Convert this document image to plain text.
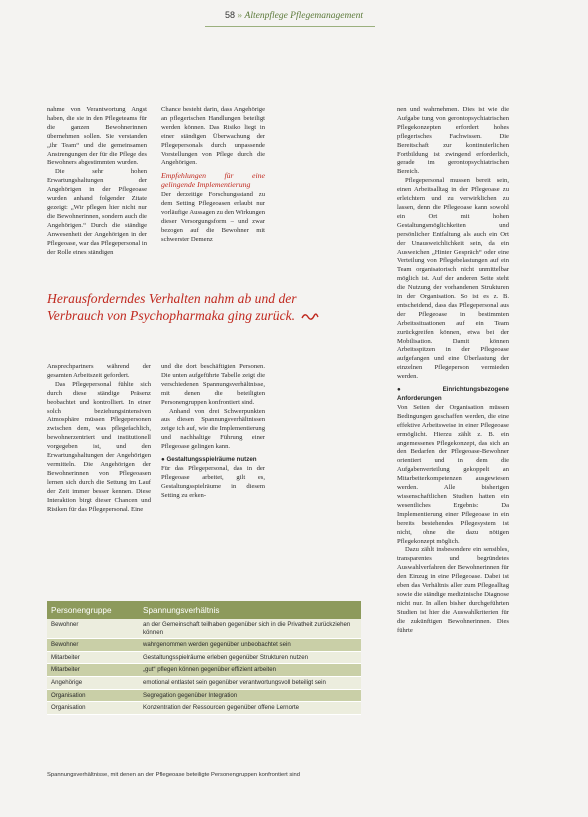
58 » Altenpflege Pflegemanagement

nahme von Verantwortung Angst haben, die sie in den Pflegeteams für die ganzen Bewohnerinnen übernehmen sollen. Sie verstanden „ihr Team“ und die gemeinsamen Anstrengungen der für die Pflege des Bewohners abgestimmten wurden.

Die sehr hohen Erwartungshaltungen der Angehörigen in der Pflegeoase wurden anhand folgender Zitate gezeigt: „Wir pflegen hier nicht nur die Bewohnerinnen, sondern auch die Angehörigen.“ Durch die ständige Anwesenheit der Angehörigen in der Pflegeoase, war das Pflegepersonal in der Rolle eines ständigen

Chance besteht darin, dass Angehörige an pflegerischen Handlungen beteiligt werden können. Das Risiko liegt in einer ständigen Überwachung der Pflegepersonals durch unpassende Vorstellungen von Pflege durch die Angehörigen.

Empfehlungen für eine gelingende Implementierung

Der derzeitige Forschungsstand zu dem Setting Pflegeoasen erlaubt nur vorläufige Aussagen zu den Wirkungen dieser Versorgungsform – und zwar bezogen auf die Bewohner mit schwerster Demenz

nen und wahrnehmen. Dies ist wie die Aufgabe tung von gerontopsychiatrischen Pflegekonzepten erfordert hohes pflegerisches Fachwissen. Die Bereitschaft zur kontinuierlichen Fortbildung ist zwingend erforderlich, gerade im gerontopsychiatrischen Bereich.

Pflegepersonal mussen bereit sein, einen Arbeitsalltag in der Pflegeoase zu erleichtern und zu verwirklichen zu lassen, denn die Pflegeoase kann sowohl ein Ort mit hohen Gestaltungsmöglichkeiten und persönlicher Entfaltung als auch ein Ort der Unausweichlichkeit sein, da ein Ausweichen „Hinter Gespräch“ oder eine Verteilung von Pflegebelastungen auf ein Team organisatorisch nicht unmittelbar möglich ist. Auf der anderen Seite steht die Nutzung der vorhandenen Strukturen in der Organisation. So ist es z. B. entscheidend, dass das Pflegepersonal aus der Pflegeoase in bestimmten Arbeitssituationen auf ein Team zurückgreifen können, etwa bei der Mobilisation. Damit können Arbeitsspitzen in der Pflegeoase aufgefangen und eine Überlastung der einzelnen Pflegeperson vermieden werden.

● Einrichtungsbezogene Anforderungen

Von Seiten der Organisation müssen Bedingungen geschaffen werden, die eine effektive Arbeitsweise in einer Pflegeoase ermöglicht. Hierzu zählt z. B. ein angemessenes Pflegekonzept, das sich an den Bedarfen der Pflegeoase-Bewohner orientiert und in dem die Aufgabenverteilung gekoppelt an Mitarbeiterkompetenzen ausgewiesen werden. Alle bisherigen wissenschaftlichen Studien hatten ein wesentliches Ergebnis: Da Implementierung einer Pflegeoase in ein bereits bestehendes Pflegesystem ist nicht, ohne die dazu nötigen Pflegekonzept möglich.

Dazu zählt insbesondere ein sensibles, transparentes und begründetes Auswahlverfahren der Bewohnerinnen für den Einzug in eine Pflegeoase. Dabei ist eben das Verhältnis aller zum Pflegealltag sowie die ständige medizinische Diagnose nicht nur. In allen bisher durchgeführten Studien ist hier die Auswahlkriterien für die zukünftigen Bewohnerinnen. Dies führte

Herausforderndes Verhalten nahm ab und der
Verbrauch von Psychopharmaka ging zurück.

Ansprechpartners während der gesamten Arbeitszeit gefordert.

Das Pflegepersonal fühlte sich durch diese ständige Präsenz beobachtet und kontrolliert. In einer solch beziehungsintensiven Atmosphäre müssen Pflegepersonen zwischen dem, was pflegefachlich, bewohnerzentriert und institutionell vorgegeben ist, und den Erwartungshaltungen der Angehörigen vermitteln. Die Angehörigen der Bewohnerinnen von Pflegeoasen lernen sich durch die Settung im Lauf der Zeit immer besser kennen. Diese Interaktion birgt dieser Chancen und Risiken für das Pflegepersonal. Eine

und die dort beschäftigten Personen. Die unten aufgeführte Tabelle zeigt die verschiedenen Spannungsverhältnisse, mit denen die beteiligten Personengruppen konfrontiert sind.

Anhand von drei Schwerpunkten aus diesen Spannungsverhältnissen zeige ich auf, wie die Implementierung und nachhaltige Führung einer Pflegeoase gelingen kann.

● Gestaltungsspielräume nutzen

Für das Pflegepersonal, das in der Pflegeoase arbeitet, gilt es, Gestaltungsspielräume in diesem Setting zu erken-

Personengruppe	Spannungsverhältnis
Bewohner	an der Gemeinschaft teilhaben gegenüber sich in die Privatheit zurückziehen können
Bewohner	wahrgenommen werden gegenüber unbeobachtet sein
Mitarbeiter	Gestaltungsspielräume erleben gegenüber Strukturen nutzen
Mitarbeiter	„gut“ pflegen können gegenüber effizient arbeiten
Angehörige	emotional entlastet sein gegenüber verantwortungsvoll beteiligt sein
Organisation	Segregation gegenüber Integration
Organisation	Konzentration der Ressourcen gegenüber offene Lernorte
Spannungsverhältnisse, mit denen an der Pflegeoase beteiligte Personengruppen konfrontiert sind
